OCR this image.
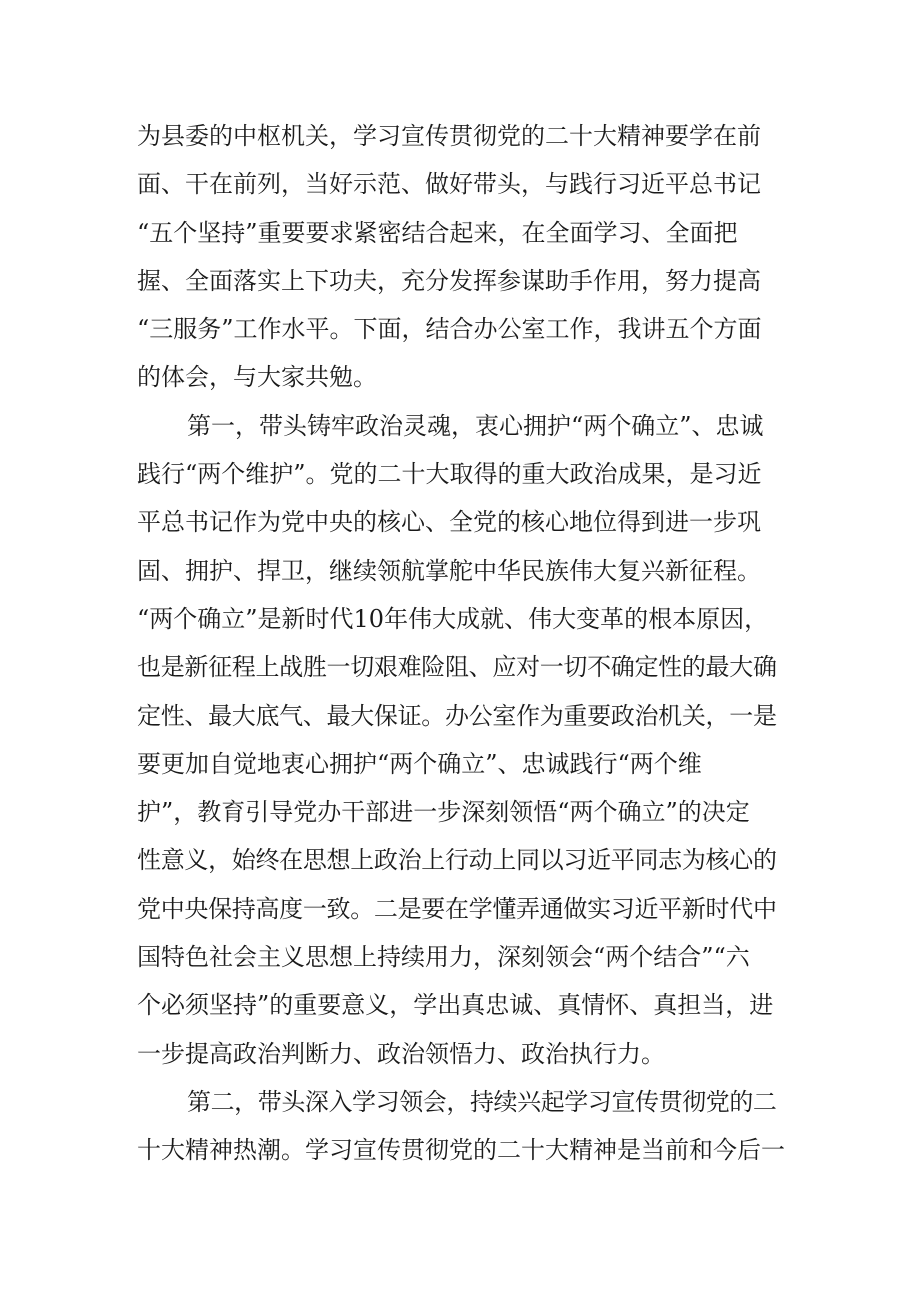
为县委的中枢机关，学习宣传贯彻党的二十大精神要学在前
面、干在前列，当好示范、做好带头，与践行习近平总书记
“五个坚持”重要要求紧密结合起来，在全面学习、全面把
握、全面落实上下功夫，充分发挥参谋助手作用，努力提高
“三服务”工作水平。下面，结合办公室工作，我讲五个方面
的体会，与大家共勉。
第一，带头铸牢政治灵魂，衷心拥护“两个确立”、忠诚
践行“两个维护”。党的二十大取得的重大政治成果，是习近
平总书记作为党中央的核心、全党的核心地位得到进一步巩
固、拥护、捍卫，继续领航掌舵中华民族伟大复兴新征程。
“两个确立”是新时代10年伟大成就、伟大变革的根本原因，
也是新征程上战胜一切艰难险阻、应对一切不确定性的最大确
定性、最大底气、最大保证。办公室作为重要政治机关，一是
要更加自觉地衷心拥护“两个确立”、忠诚践行“两个维
护”，教育引导党办干部进一步深刻领悟“两个确立”的决定
性意义，始终在思想上政治上行动上同以习近平同志为核心的
党中央保持高度一致。二是要在学懂弄通做实习近平新时代中
国特色社会主义思想上持续用力，深刻领会“两个结合”“六
个必须坚持”的重要意义，学出真忠诚、真情怀、真担当，进
一步提高政治判断力、政治领悟力、政治执行力。
第二，带头深入学习领会，持续兴起学习宣传贯彻党的二
十大精神热潮。学习宣传贯彻党的二十大精神是当前和今后一
